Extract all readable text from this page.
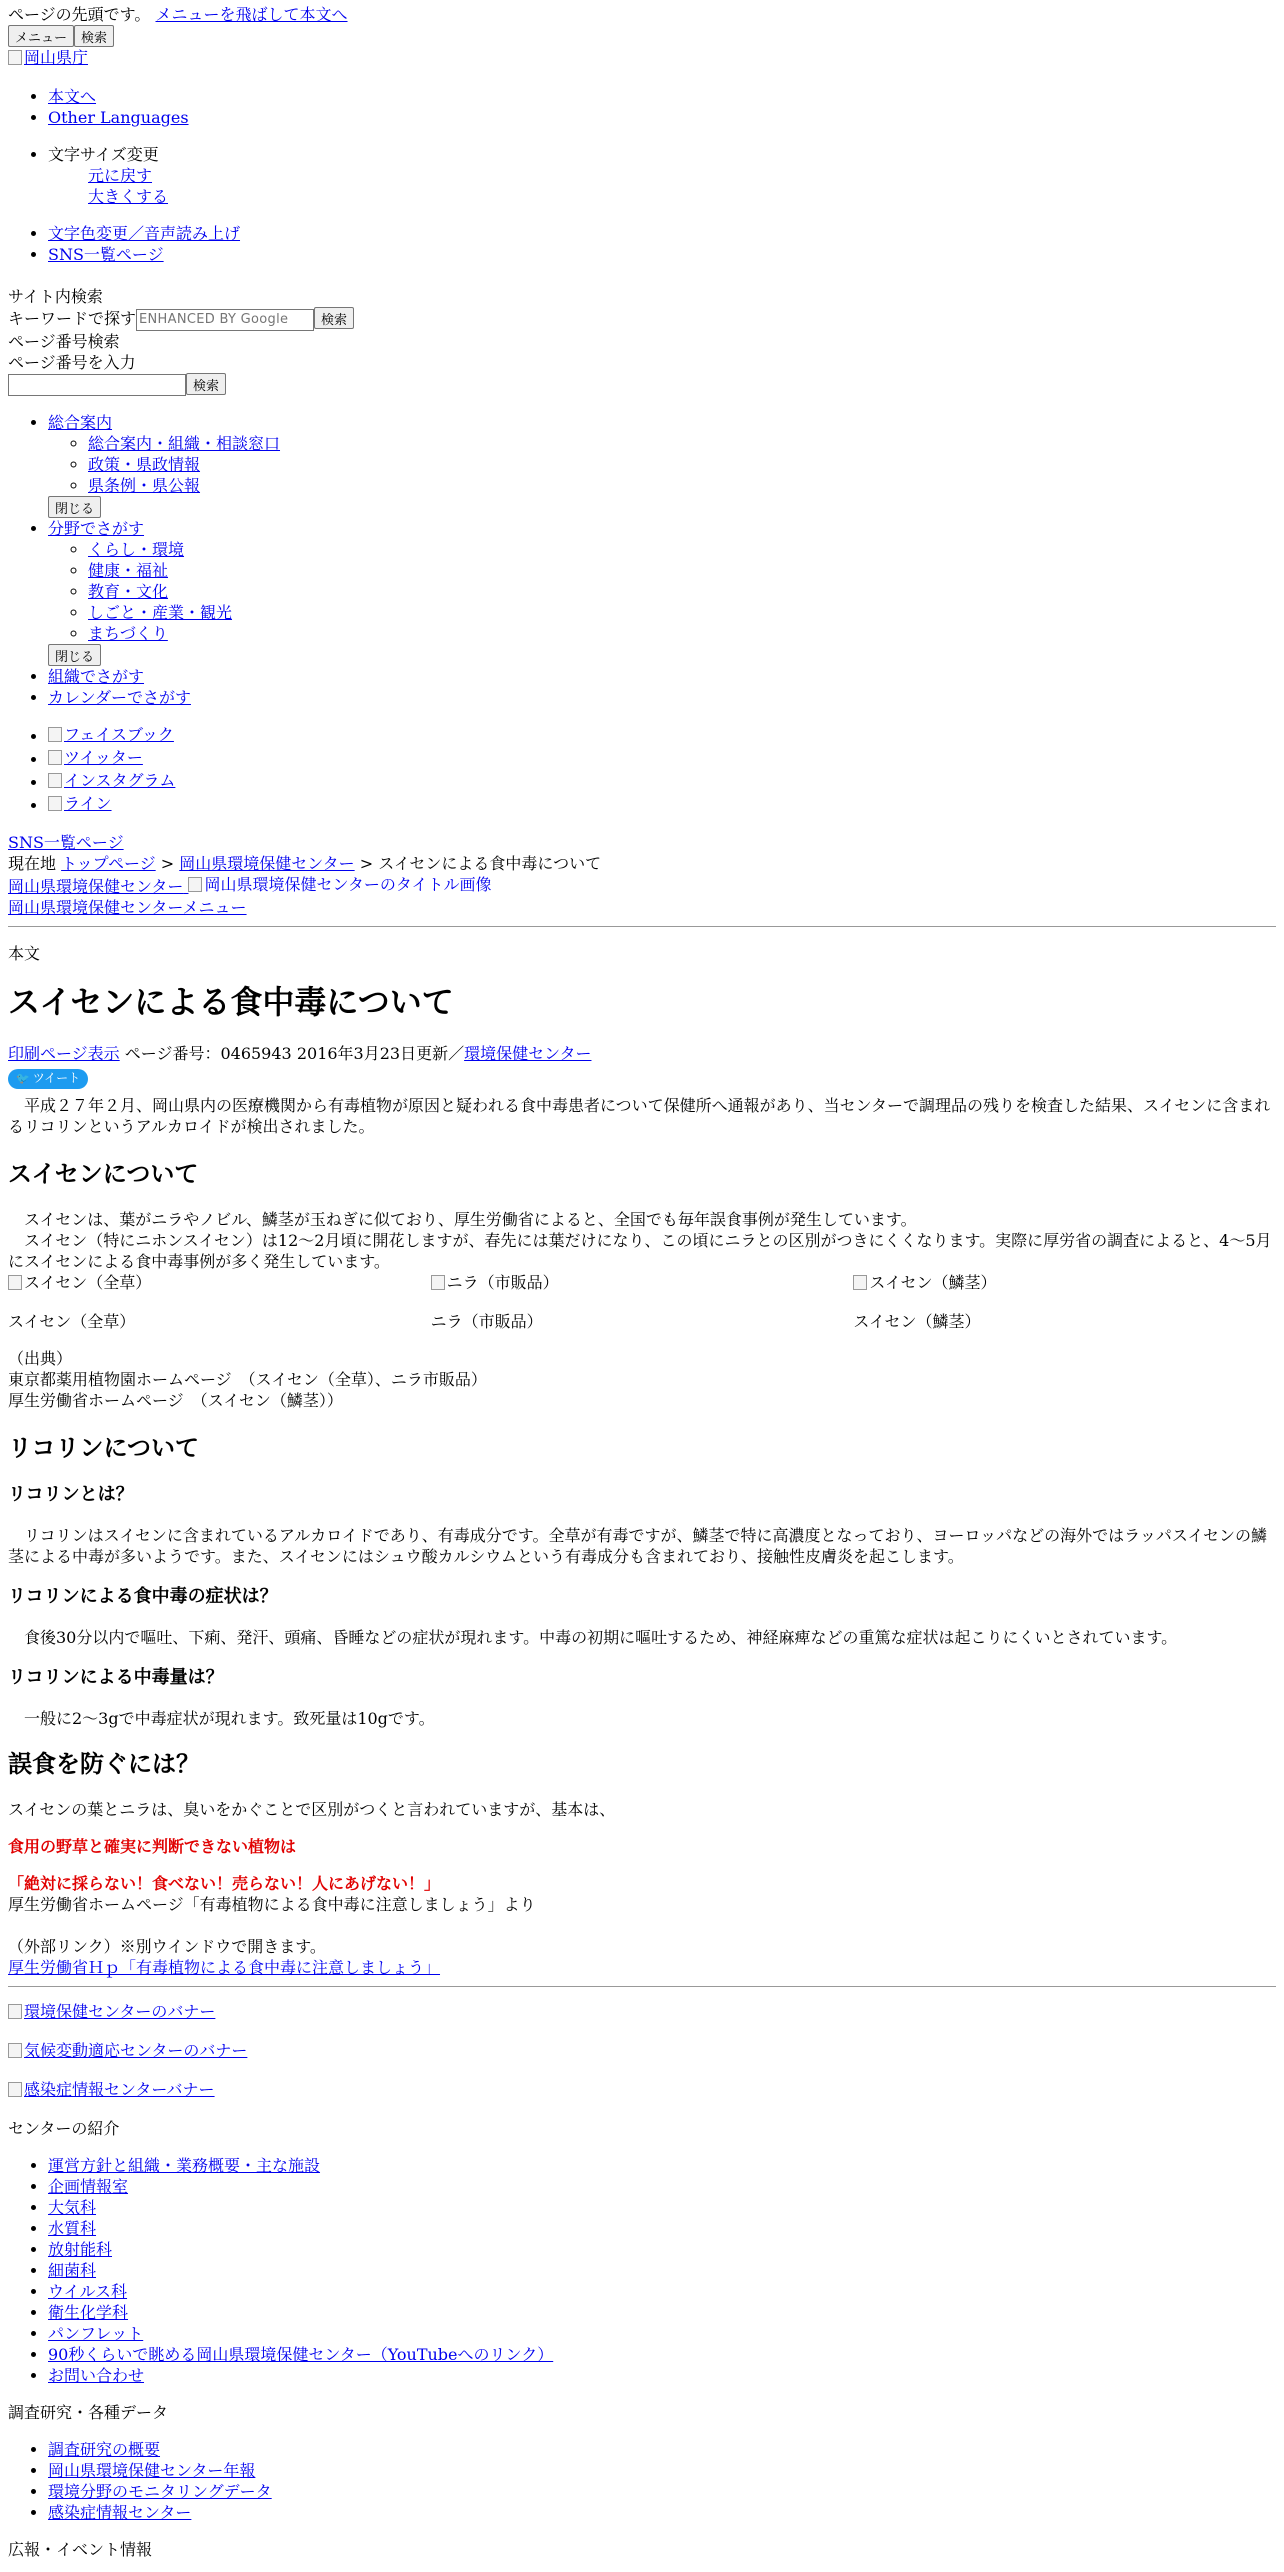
ページの先頭です。 メニューを飛ばして本文へ
メニュー 検索
岡山県庁
• 本文へ
• Other Languages
• 文字サイズ変更
元に戻す
大きくする
• 文字色変更／音声読み上げ
• SNS一覧ページ
サイト内検索
キーワードで探すENHANCED BY Google	検索
ページ番号検索
ページ番号を入力
検索
• 総合案内
◦ 総合案内・組織・相談窓口
◦ 政策・県政情報
◦ 県条例・県公報
閉じる
• 分野でさがす
◦ くらし・環境
◦ 健康・福祉
◦ 教育・文化
◦ しごと・産業・観光
◦ まちづくり
閉じる
• 組織でさがす
• カレンダーでさがす
• フェイスブック
• ツイッター
• インスタグラム
• ライン
SNS一覧ページ
現在地 トップページ > 岡山県環境保健センター > スイセンによる食中毒について
岡山県環境保健センター 岡山県環境保健センターのタイトル画像
岡山県環境保健センターメニュー
本文
スイセンによる食中毒について
印刷ページ表示 ページ番号：0465943 2016年3月23日更新／環境保健センター
🐦 ツイート
　平成２７年２月、岡山県内の医療機関から有毒植物が原因と疑われる食中毒患者について保健所へ通報があり、当センターで調理品の残りを検査した結果、スイセンに含まれるリコリンというアルカロイドが検出されました。
スイセンについて
　スイセンは、葉がニラやノビル、鱗茎が玉ねぎに似ており、厚生労働省によると、全国でも毎年誤食事例が発生しています。
　スイセン（特にニホンスイセン）は12～2月頃に開花しますが、春先には葉だけになり、この頃にニラとの区別がつきにくくなります。実際に厚労省の調査によると、4～5月にスイセンによる食中毒事例が多く発生しています。
スイセン（全草）

スイセン（全草）

ニラ（市販品）

ニラ（市販品）

スイセン（鱗茎）

スイセン（鱗茎）

（出典）
東京都薬用植物園ホームページ　（スイセン（全草）、ニラ市販品）
厚生労働省ホームページ　（スイセン（鱗茎））
リコリンについて
リコリンとは？

　リコリンはスイセンに含まれているアルカロイドであり、有毒成分です。全草が有毒ですが、鱗茎で特に高濃度となっており、ヨーロッパなどの海外ではラッパスイセンの鱗茎による中毒が多いようです。また、スイセンにはシュウ酸カルシウムという有毒成分も含まれており、接触性皮膚炎を起こします。

リコリンによる食中毒の症状は？

　食後30分以内で嘔吐、下痢、発汗、頭痛、昏睡などの症状が現れます。中毒の初期に嘔吐するため、神経麻痺などの重篤な症状は起こりにくいとされています。

リコリンによる中毒量は？

　一般に2～3gで中毒症状が現れます。致死量は10gです。

誤食を防ぐには？

スイセンの葉とニラは、臭いをかぐことで区別がつくと言われていますが、基本は、

食用の野草と確実に判断できない植物は

「絶対に採らない！食べない！売らない！人にあげない！」
厚生労働省ホームページ「有毒植物による食中毒に注意しましょう」より
（外部リンク）※別ウインドウで開きます。
厚生労働省Ｈｐ「有毒植物による食中毒に注意しましょう」

環境保健センターのバナー

気候変動適応センターのバナー

感染症情報センターバナー

センターの紹介
• 運営方針と組織・業務概要・主な施設
• 企画情報室
• 大気科
• 水質科
• 放射能科
• 細菌科
• ウイルス科
• 衛生化学科
• パンフレット
• 90秒くらいで眺める岡山県環境保健センター（YouTubeへのリンク）
• お問い合わせ
調査研究・各種データ
• 調査研究の概要
• 岡山県環境保健センター年報
• 環境分野のモニタリングデータ
• 感染症情報センター
広報・イベント情報
